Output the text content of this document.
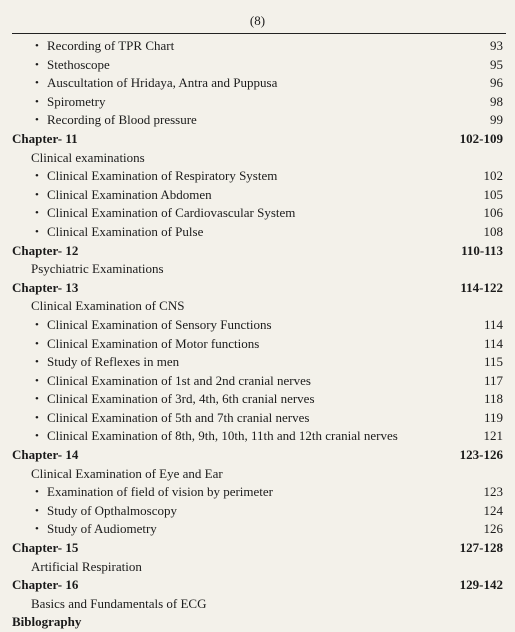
(8)
• Recording of TPR Chart	93
• Stethoscope	95
• Auscultation of Hridaya, Antra and Puppusa	96
• Spirometry	98
• Recording of Blood pressure	99
Chapter- 11	102-109
Clinical examinations
• Clinical Examination of Respiratory System	102
• Clinical Examination Abdomen	105
• Clinical Examination of Cardiovascular System	106
• Clinical Examination of Pulse	108
Chapter- 12	110-113
Psychiatric Examinations
Chapter- 13	114-122
Clinical Examination of CNS
• Clinical Examination of Sensory Functions	114
• Clinical Examination of Motor functions	114
• Study of Reflexes in men	115
• Clinical Examination of 1st and 2nd cranial nerves	117
• Clinical Examination of 3rd, 4th, 6th cranial nerves	118
• Clinical Examination of 5th and 7th cranial nerves	119
• Clinical Examination of 8th, 9th, 10th, 11th and 12th cranial nerves	121
Chapter- 14	123-126
Clinical Examination of Eye and Ear
• Examination of field of vision by perimeter	123
• Study of Opthalmoscopy	124
• Study of Audiometry	126
Chapter- 15	127-128
Artificial Respiration
Chapter- 16	129-142
Basics and Fundamentals of ECG
Biblography
